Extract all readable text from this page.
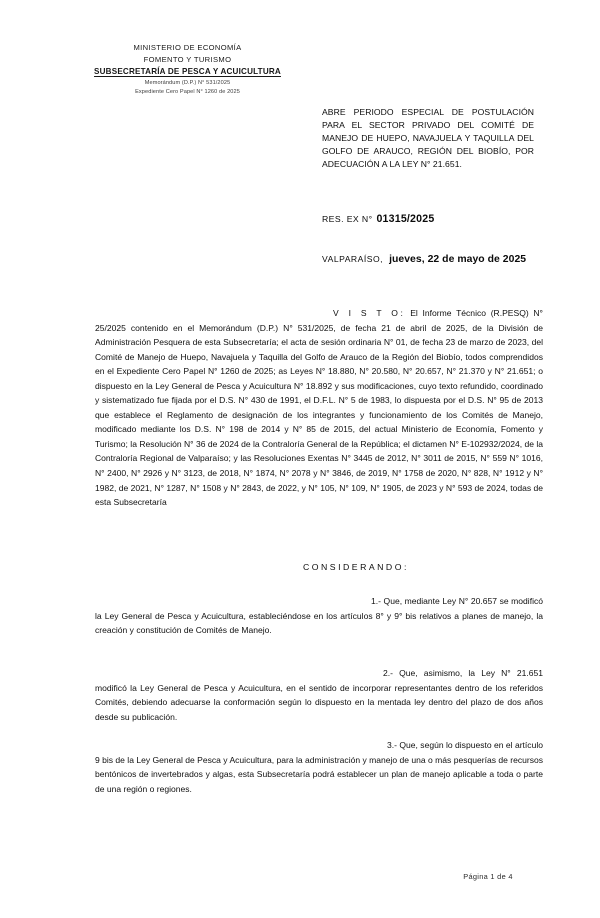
MINISTERIO DE ECONOMÍA
FOMENTO Y TURISMO
SUBSECRETARÍA DE PESCA Y ACUICULTURA
Memorándum (D.P.) N° 531/2025
Expediente Cero Papel N° 1260 de 2025
ABRE PERIODO ESPECIAL DE POSTULACIÓN PARA EL SECTOR PRIVADO DEL COMITÉ DE MANEJO DE HUEPO, NAVAJUELA Y TAQUILLA DEL GOLFO DE ARAUCO, REGIÓN DEL BIOBÍO, POR ADECUACIÓN A LA LEY N° 21.651.
RES. EX N° 01315/2025
VALPARAÍSO, jueves, 22 de mayo de 2025
V I S T O: El Informe Técnico (R.PESQ) N° 25/2025 contenido en el Memorándum (D.P.) N° 531/2025, de fecha 21 de abril de 2025, de la División de Administración Pesquera de esta Subsecretaría; el acta de sesión ordinaria N° 01, de fecha 23 de marzo de 2023, del Comité de Manejo de Huepo, Navajuela y Taquilla del Golfo de Arauco de la Región del Biobío, todos comprendidos en el Expediente Cero Papel N° 1260 de 2025; as Leyes N° 18.880, N° 20.580, N° 20.657, N° 21.370 y N° 21.651; o dispuesto en la Ley General de Pesca y Acuicultura N° 18.892 y sus modificaciones, cuyo texto refundido, coordinado y sistematizado fue fijada por el D.S. N° 430 de 1991, el D.F.L. N° 5 de 1983, lo dispuesta por el D.S. N° 95 de 2013 que establece el Reglamento de designación de los integrantes y funcionamiento de los Comités de Manejo, modificado mediante los D.S. N° 198 de 2014 y N° 85 de 2015, del actual Ministerio de Economía, Fomento y Turismo; la Resolución N° 36 de 2024 de la Contraloría General de la República; el dictamen N° E-102932/2024, de la Contraloría Regional de Valparaíso; y las Resoluciones Exentas N° 3445 de 2012, N° 3011 de 2015, N° 559 N° 1016, N° 2400, N° 2926 y N° 3123, de 2018, N° 1874, N° 2078 y N° 3846, de 2019, N° 1758 de 2020, N° 828, N° 1912 y N° 1982, de 2021, N° 1287, N° 1508 y N° 2843, de 2022, y N° 105, N° 109, N° 1905, de 2023 y N° 593 de 2024, todas de esta Subsecretaría
CONSIDERANDO:
1.- Que, mediante Ley N° 20.657 se modificó la Ley General de Pesca y Acuicultura, estableciéndose en los artículos 8° y 9° bis relativos a planes de manejo, la creación y constitución de Comités de Manejo.
2.- Que, asimismo, la Ley N° 21.651 modificó la Ley General de Pesca y Acuicultura, en el sentido de incorporar representantes dentro de los referidos Comités, debiendo adecuarse la conformación según lo dispuesto en la mentada ley dentro del plazo de dos años desde su publicación.
3.- Que, según lo dispuesto en el artículo 9 bis de la Ley General de Pesca y Acuicultura, para la administración y manejo de una o más pesquerías de recursos bentónicos de invertebrados y algas, esta Subsecretaría podrá establecer un plan de manejo aplicable a toda o parte de una región o regiones.
Página 1 de 4
